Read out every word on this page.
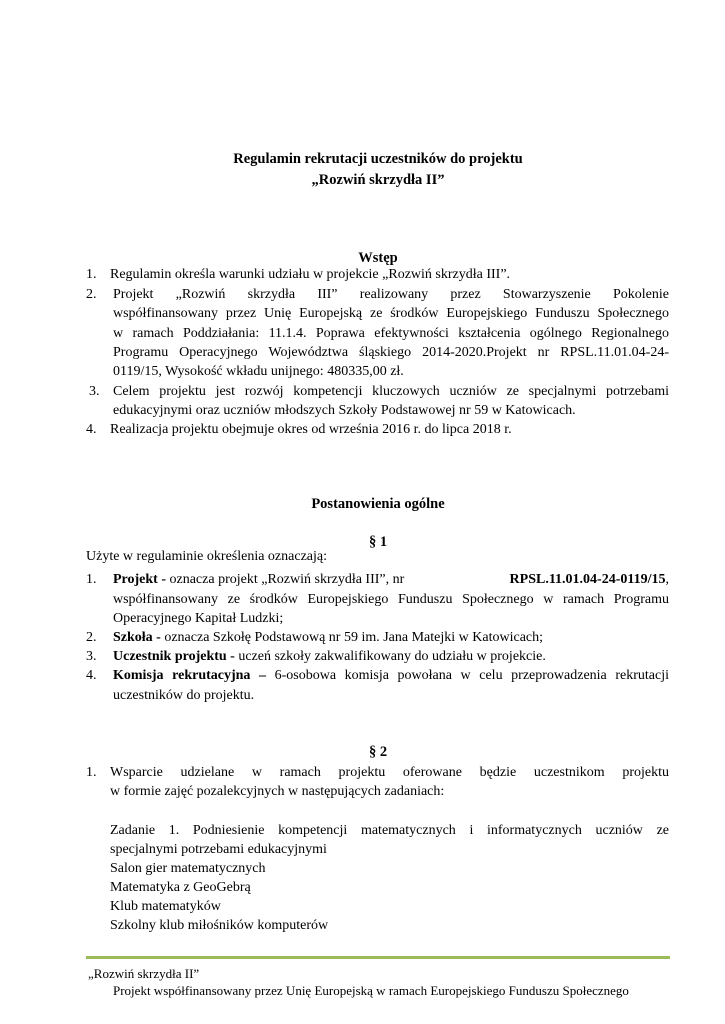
Regulamin rekrutacji uczestników do projektu
„Rozwiń skrzydła II”
Wstęp
1. Regulamin określa warunki udziału w projekcie „Rozwiń skrzydła III”.
2. Projekt „Rozwiń skrzydła III” realizowany przez Stowarzyszenie Pokolenie
współfinansowany przez Unię Europejską ze środków Europejskiego Funduszu Społecznego
w ramach Poddziałania: 11.1.4. Poprawa efektywności kształcenia ogólnego Regionalnego
Programu Operacyjnego Województwa śląskiego 2014-2020.Projekt nr RPSL.11.01.04-24-
0119/15, Wysokość wkładu unijnego: 480335,00 zł.
3. Celem projektu jest rozwój kompetencji kluczowych uczniów ze specjalnymi potrzebami
edukacyjnymi oraz uczniów młodszych Szkoły Podstawowej nr 59 w Katowicach.
4. Realizacja projektu obejmuje okres od września 2016 r. do lipca 2018 r.
Postanowienia ogólne
§ 1
Użyte w regulaminie określenia oznaczają:
1. Projekt - oznacza projekt „Rozwiń skrzydła III”, nr	RPSL.11.01.04-24-0119/15,
współfinansowany ze środków Europejskiego Funduszu Społecznego w ramach Programu
Operacyjnego Kapitał Ludzki;
2. Szkoła - oznacza Szkołę Podstawową nr 59 im. Jana Matejki w Katowicach;
3. Uczestnik projektu - uczeń szkoły zakwalifikowany do udziału w projekcie.
4. Komisja rekrutacyjna – 6-osobowa komisja powołana w celu przeprowadzenia rekrutacji
uczestników do projektu.
§ 2
1. Wsparcie udzielane w ramach projektu oferowane będzie uczestnikom projektu
w formie zajęć pozalekcyjnych w następujących zadaniach:
Zadanie 1. Podniesienie kompetencji matematycznych i informatycznych uczniów ze
specjalnymi potrzebami edukacyjnymi
Salon gier matematycznych
Matematyka z GeoGebrą
Klub matematyków
Szkolny klub miłośników komputerów
„Rozwiń skrzydła II”
Projekt współfinansowany przez Unię Europejską w ramach Europejskiego Funduszu Społecznego
